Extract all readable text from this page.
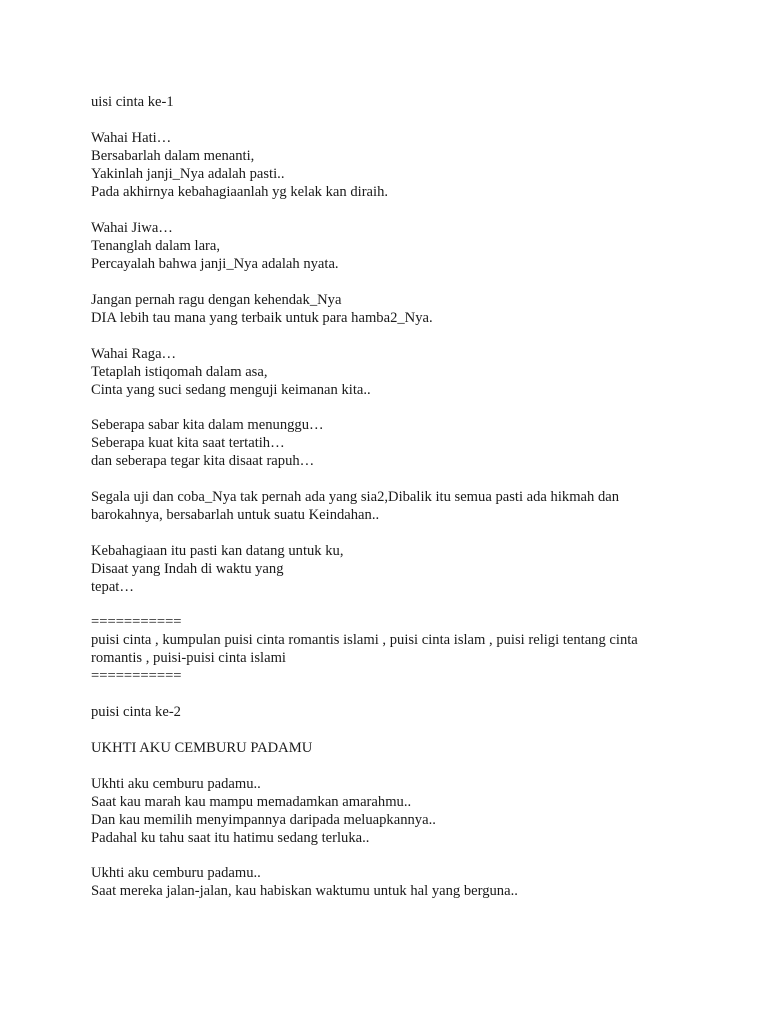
uisi cinta ke-1
Wahai Hati…
Bersabarlah dalam menanti,
Yakinlah janji_Nya adalah pasti..
Pada akhirnya kebahagiaanlah yg kelak kan diraih.
Wahai Jiwa…
Tenanglah dalam lara,
Percayalah bahwa janji_Nya adalah nyata.
Jangan pernah ragu dengan kehendak_Nya
DIA lebih tau mana yang terbaik untuk para hamba2_Nya.
Wahai Raga…
Tetaplah istiqomah dalam asa,
Cinta yang suci sedang menguji keimanan kita..
Seberapa sabar kita dalam menunggu…
Seberapa kuat kita saat tertatih…
dan seberapa tegar kita disaat rapuh…
Segala uji dan coba_Nya tak pernah ada yang sia2,Dibalik itu semua pasti ada hikmah dan
barokahnya, bersabarlah untuk suatu Keindahan..
Kebahagiaan itu pasti kan datang untuk ku,
Disaat yang Indah di waktu yang
tepat…
===========
puisi cinta , kumpulan puisi cinta romantis islami , puisi cinta islam , puisi religi tentang cinta
romantis , puisi-puisi cinta islami
===========
puisi cinta ke-2
UKHTI AKU CEMBURU PADAMU
Ukhti aku cemburu padamu..
Saat kau marah kau mampu memadamkan amarahmu..
Dan kau memilih menyimpannya daripada meluapkannya..
Padahal ku tahu saat itu hatimu sedang terluka..
Ukhti aku cemburu padamu..
Saat mereka jalan-jalan, kau habiskan waktumu untuk hal yang berguna..
